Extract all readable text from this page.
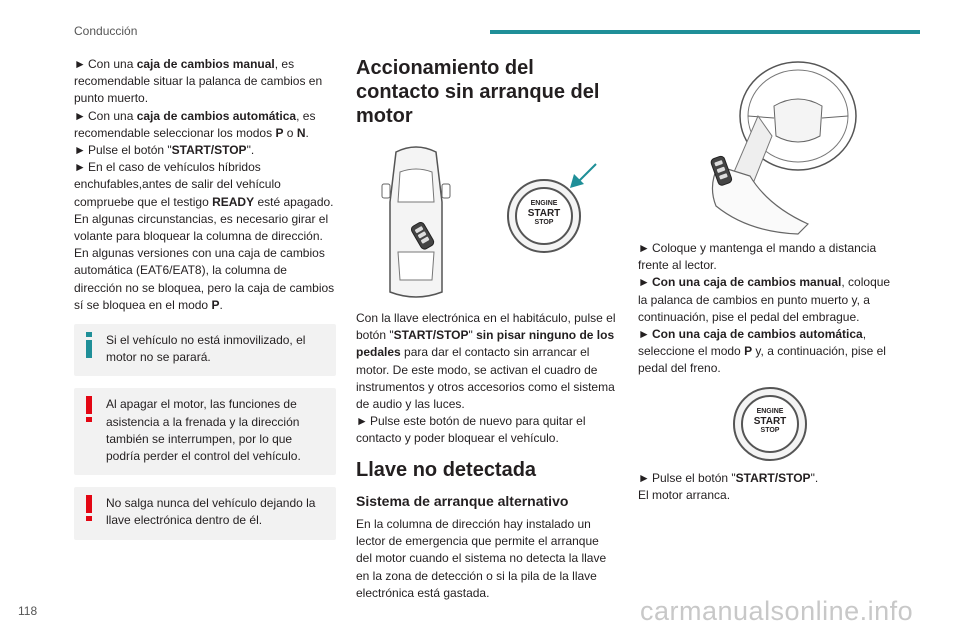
Conducción

► Con una caja de cambios manual, es recomendable situar la palanca de cambios en punto muerto.

► Con una caja de cambios automática, es recomendable seleccionar los modos P o N.

► Pulse el botón "START/STOP".

► En el caso de vehículos híbridos enchufables,antes de salir del vehículo compruebe que el testigo READY esté apagado.

En algunas circunstancias, es necesario girar el volante para bloquear la columna de dirección.

En algunas versiones con una caja de cambios automática (EAT6/EAT8), la columna de dirección no se bloquea, pero la caja de cambios sí se bloquea en el modo P.

Si el vehículo no está inmovilizado, el motor no se parará.
Al apagar el motor, las funciones de asistencia a la frenada y la dirección también se interrumpen, por lo que podría perder el control del vehículo.
No salga nunca del vehículo dejando la llave electrónica dentro de él.
Accionamiento del contacto sin arranque del motor
ENGINE
START
STOP

Con la llave electrónica en el habitáculo, pulse el botón "START/STOP" sin pisar ninguno de los pedales para dar el contacto sin arrancar el motor. De este modo, se activan el cuadro de instrumentos y otros accesorios como el sistema de audio y las luces.

► Pulse este botón de nuevo para quitar el contacto y poder bloquear el vehículo.

Llave no detectada
Sistema de arranque alternativo

En la columna de dirección hay instalado un lector de emergencia que permite el arranque del motor cuando el sistema no detecta la llave en la zona de detección o si la pila de la llave electrónica está gastada.

► Coloque y mantenga el mando a distancia frente al lector.

► Con una caja de cambios manual, coloque la palanca de cambios en punto muerto y, a continuación, pise el pedal del embrague.

► Con una caja de cambios automática, seleccione el modo P y, a continuación, pise el pedal del freno.

ENGINE
START
STOP

► Pulse el botón "START/STOP".

El motor arranca.

118	carmanualsonline.info
